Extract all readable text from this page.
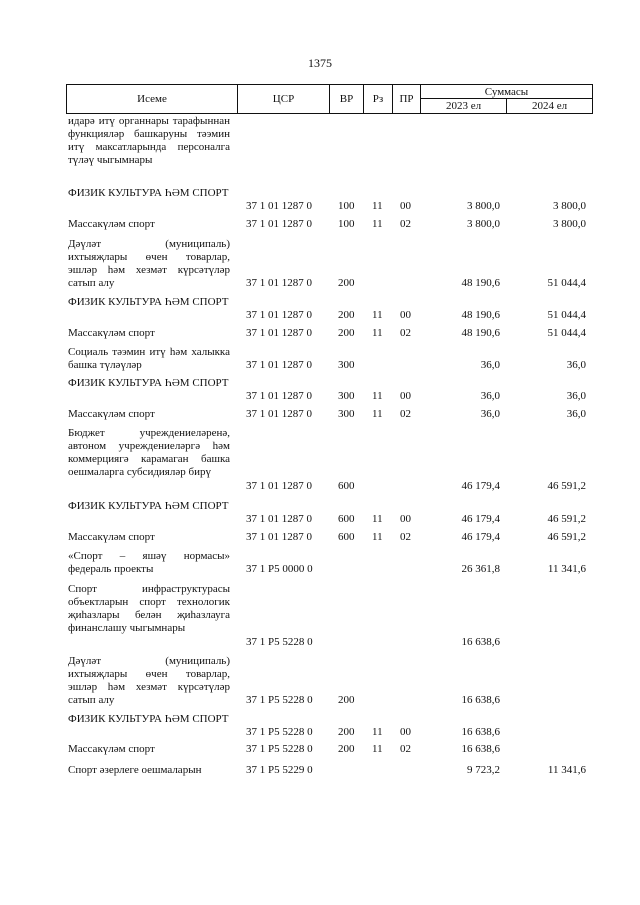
1375
Исеме	ЦСР	ВР Рз ПР
Суммасы
2023 ел	2024 ел
идарә итү органнары тарафыннан функцияләр башкаруны тәэмин итү максатларында персоналга түләү чыгымнары
ФИЗИК КУЛЬТУРА ҺӘМ СПОРТ
37 1 01 1287 0 100 11 00	3 800,0	3 800,0
Массакүләм спорт	37 1 01 1287 0 100 11 02	3 800,0	3 800,0
Дәүләт (муниципаль) ихтыяҗлары өчен товарлар, эшләр һәм хезмәт күрсәтүләр сатып алу	37 1 01 1287 0 200	48 190,6	51 044,4
ФИЗИК КУЛЬТУРА ҺӘМ СПОРТ
37 1 01 1287 0 200 11 00	48 190,6	51 044,4
Массакүләм спорт	37 1 01 1287 0 200 11 02	48 190,6	51 044,4
Социаль тәэмин итү һәм халыкка башка түләүләр	37 1 01 1287 0 300	36,0	36,0
ФИЗИК КУЛЬТУРА ҺӘМ СПОРТ
37 1 01 1287 0 300 11 00	36,0	36,0
Массакүләм спорт	37 1 01 1287 0 300 11 02	36,0	36,0
Бюджет учреждениеләренә, автоном учреждениеләргә һәм коммерциягә карамаган башка оешмаларга субсидияләр бирү
37 1 01 1287 0 600	46 179,4	46 591,2
ФИЗИК КУЛЬТУРА ҺӘМ СПОРТ
37 1 01 1287 0 600 11 00	46 179,4	46 591,2
Массакүләм спорт	37 1 01 1287 0 600 11 02	46 179,4	46 591,2
«Спорт – яшәү нормасы» федераль проекты	37 1 P5 0000 0	26 361,8	11 341,6
Спорт инфраструктурасы объектларын спорт технологик җиһазлары белән җиһазлауга финанслашу чыгымнары
37 1 P5 5228 0	16 638,6
Дәүләт (муниципаль) ихтыяҗлары өчен товарлар, эшләр һәм хезмәт күрсәтүләр сатып алу	37 1 P5 5228 0 200	16 638,6
ФИЗИК КУЛЬТУРА ҺӘМ СПОРТ
37 1 P5 5228 0 200 11 00	16 638,6
Массакүләм спорт	37 1 P5 5228 0 200 11 02	16 638,6
Спорт әзерлеге оешмаларын	37 1 P5 5229 0	9 723,2	11 341,6
